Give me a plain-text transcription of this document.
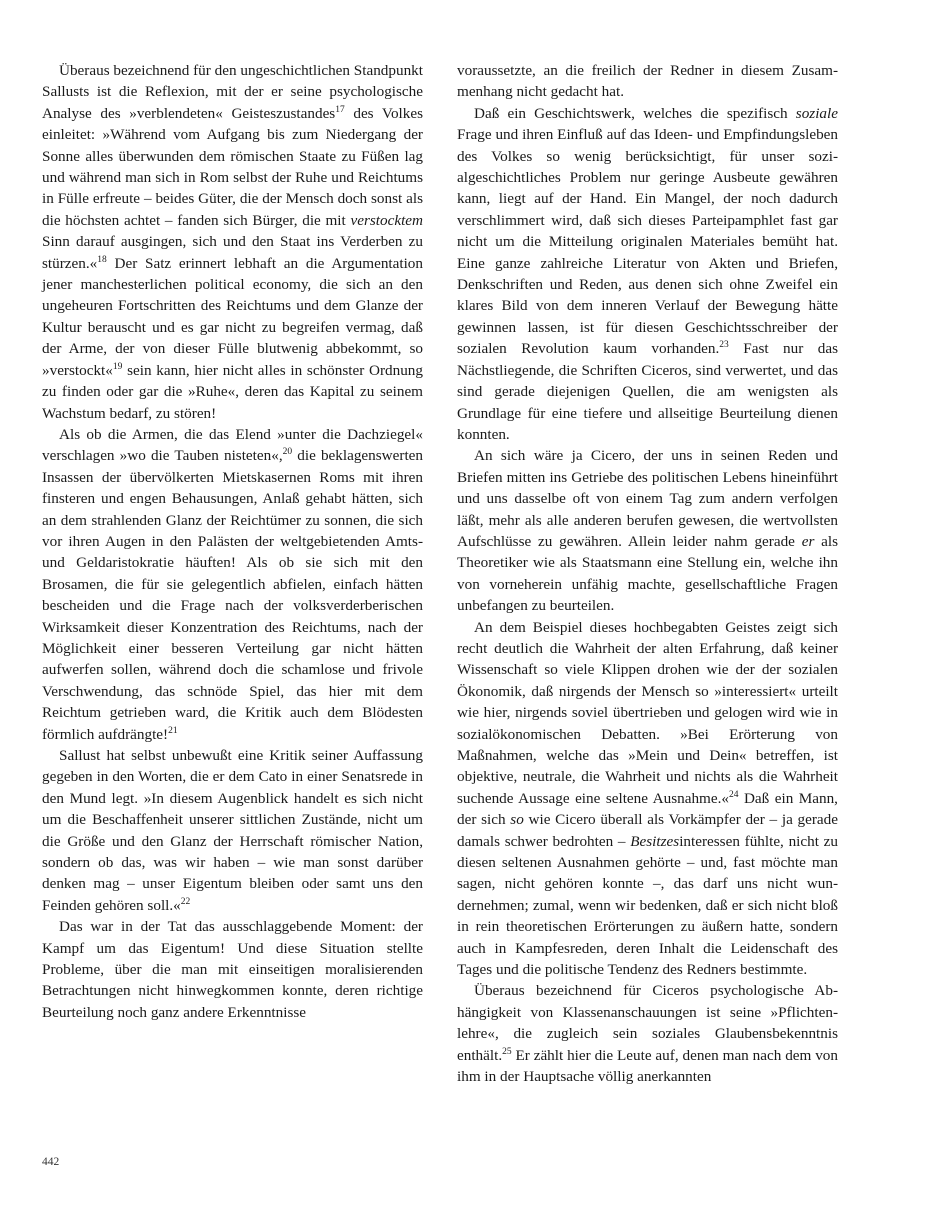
Überaus bezeichnend für den ungeschichtlichen Standpunkt Sallusts ist die Reflexion, mit der er seine psychologische Analyse des »verblendeten« Geisteszustandes$^{17}$ des Volkes einleitet: »Während vom Aufgang bis zum Niedergang der Sonne alles überwunden dem römischen Staate zu Füßen lag und während man sich in Rom selbst der Ruhe und Reichtums in Fülle erfreute – beides Güter, die der Mensch doch sonst als die höchsten achtet – fanden sich Bürger, die mit verstocktem Sinn darauf ausgingen, sich und den Staat ins Verderben zu stürzen.«$^{18}$ Der Satz erinnert lebhaft an die Argumentation jener manchesterlichen political economy, die sich an den ungeheuren Fortschritten des Reichtums und dem Glanze der Kultur berauscht und es gar nicht zu begreifen vermag, daß der Arme, der von dieser Fülle blutwenig abbekommt, so »verstockt«$^{19}$ sein kann, hier nicht alles in schönster Ordnung zu finden oder gar die »Ruhe«, deren das Kapital zu seinem Wachstum bedarf, zu stören!

Als ob die Armen, die das Elend »unter die Dachziegel« verschlagen »wo die Tauben nisteten«,$^{20}$ die beklagenswerten Insassen der übervölkerten Mietskasernen Roms mit ihren finsteren und engen Behausungen, Anlaß gehabt hätten, sich an dem strahlenden Glanz der Reichtümer zu sonnen, die sich vor ihren Augen in den Palästen der weltgebietenden Amts- und Geldaristokratie häuften! Als ob sie sich mit den Brosamen, die für sie gelegentlich abfielen, einfach hätten bescheiden und die Frage nach der volksverderberischen Wirksamkeit dieser Konzentration des Reichtums, nach der Möglichkeit einer besseren Verteilung gar nicht hätten aufwerfen sollen, während doch die schamlose und frivole Verschwendung, das schnöde Spiel, das hier mit dem Reichtum getrieben ward, die Kritik auch dem Blödesten förmlich aufdrängte!$^{21}$

Sallust hat selbst unbewußt eine Kritik seiner Auffassung gegeben in den Worten, die er dem Cato in einer Senatsrede in den Mund legt. »In diesem Augenblick handelt es sich nicht um die Beschaffenheit unserer sittlichen Zustände, nicht um die Größe und den Glanz der Herrschaft römischer Nation, sondern ob das, was wir haben – wie man sonst darüber denken mag – unser Eigentum bleiben oder samt uns den Feinden gehören soll.«$^{22}$

Das war in der Tat das ausschlaggebende Moment: der Kampf um das Eigentum! Und diese Situation stellte Probleme, über die man mit einseitigen moralisierenden Betrachtungen nicht hinwegkommen konnte, deren richtige Beurteilung noch ganz andere Erkenntnisse

voraussetzte, an die freilich der Redner in diesem Zusammenhang nicht gedacht hat.

Daß ein Geschichtswerk, welches die spezifisch soziale Frage und ihren Einfluß auf das Ideen- und Empfindungsleben des Volkes so wenig berücksichtigt, für unser sozialgeschichtliches Problem nur geringe Ausbeute gewähren kann, liegt auf der Hand. Ein Mangel, der noch dadurch verschlimmert wird, daß sich dieses Parteipamphlet fast gar nicht um die Mitteilung originalen Materiales bemüht hat. Eine ganze zahlreiche Literatur von Akten und Briefen, Denkschriften und Reden, aus denen sich ohne Zweifel ein klares Bild von dem inneren Verlauf der Bewegung hätte gewinnen lassen, ist für diesen Geschichtsschreiber der sozialen Revolution kaum vorhanden.$^{23}$ Fast nur das Nächstliegende, die Schriften Ciceros, sind verwertet, und das sind gerade diejenigen Quellen, die am wenigsten als Grundlage für eine tiefere und allseitige Beurteilung dienen konnten.

An sich wäre ja Cicero, der uns in seinen Reden und Briefen mitten ins Getriebe des politischen Lebens hineinführt und uns dasselbe oft von einem Tag zum andern verfolgen läßt, mehr als alle anderen berufen gewesen, die wertvollsten Aufschlüsse zu gewähren. Allein leider nahm gerade er als Theoretiker wie als Staatsmann eine Stellung ein, welche ihn von vorneherein unfähig machte, gesellschaftliche Fragen unbefangen zu beurteilen.

An dem Beispiel dieses hochbegabten Geistes zeigt sich recht deutlich die Wahrheit der alten Erfahrung, daß keiner Wissenschaft so viele Klippen drohen wie der der sozialen Ökonomik, daß nirgends der Mensch so »interessiert« urteilt wie hier, nirgends soviel übertrieben und gelogen wird wie in sozialökonomischen Debatten. »Bei Erörterung von Maßnahmen, welche das »Mein und Dein« betreffen, ist objektive, neutrale, die Wahrheit und nichts als die Wahrheit suchende Aussage eine seltene Ausnahme.«$^{24}$ Daß ein Mann, der sich so wie Cicero überall als Vorkämpfer der – ja gerade damals schwer bedrohten – Besitzesinteressen fühlte, nicht zu diesen seltenen Ausnahmen gehörte – und, fast möchte man sagen, nicht gehören konnte –, das darf uns nicht wundernehmen; zumal, wenn wir bedenken, daß er sich nicht bloß in rein theoretischen Erörterungen zu äußern hatte, sondern auch in Kampfesreden, deren Inhalt die Leidenschaft des Tages und die politische Tendenz des Redners bestimmte.

Überaus bezeichnend für Ciceros psychologische Abhängigkeit von Klassenanschauungen ist seine »Pflichtenlehre«, die zugleich sein soziales Glaubensbekenntnis enthält.$^{25}$ Er zählt hier die Leute auf, denen man nach dem von ihm in der Hauptsache völlig anerkannten

442
